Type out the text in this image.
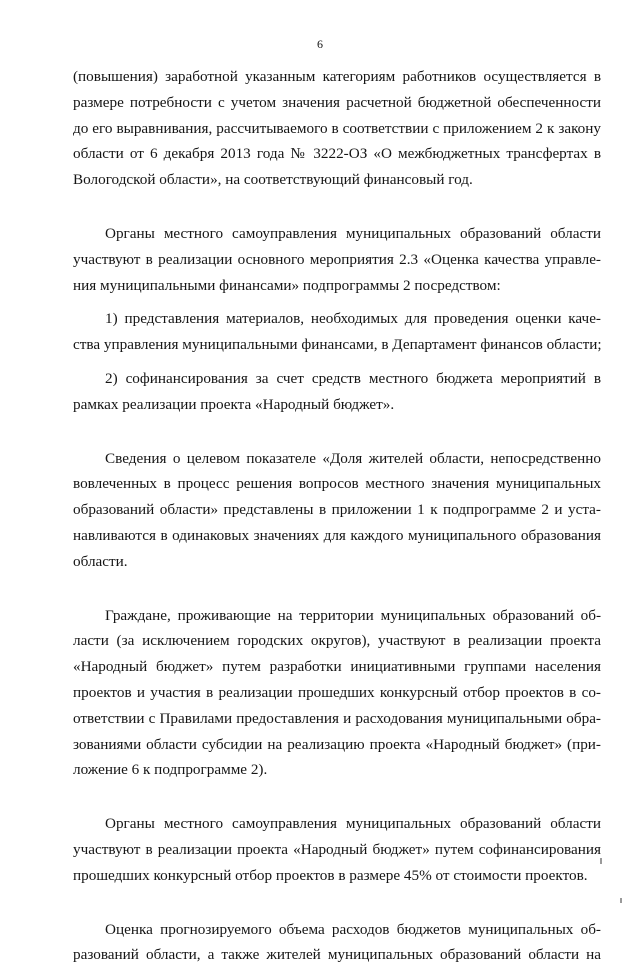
6
(повышения) заработной указанным категориям работников осуществляется в
размере потребности с учетом значения расчетной бюджетной обеспеченности
до его выравнивания, рассчитываемого в соответствии с приложением 2 к закону
области от 6 декабря 2013 года № 3222-ОЗ «О межбюджетных трансфертах в
Вологодской области», на соответствующий финансовый год.
Органы местного самоуправления муниципальных образований области
участвуют в реализации основного мероприятия 2.3 «Оценка качества управле-
ния муниципальными финансами» подпрограммы 2 посредством:
1) представления материалов, необходимых для проведения оценки каче-
ства управления муниципальными финансами, в Департамент финансов области;
2) софинансирования за счет средств местного бюджета мероприятий в
рамках реализации проекта «Народный бюджет».
Сведения о целевом показателе «Доля жителей области, непосредственно
вовлеченных в процесс решения вопросов местного значения муниципальных
образований области» представлены в приложении 1 к подпрограмме 2 и уста-
навливаются в одинаковых значениях для каждого муниципального образования
области.
Граждане, проживающие на территории муниципальных образований об-
ласти (за исключением городских округов), участвуют в реализации проекта
«Народный бюджет» путем разработки инициативными группами населения
проектов и участия в реализации прошедших конкурсный отбор проектов в со-
ответствии с Правилами предоставления и расходования муниципальными обра-
зованиями области субсидии на реализацию проекта «Народный бюджет» (при-
ложение 6 к подпрограмме 2).
Органы местного самоуправления муниципальных образований области
участвуют в реализации проекта «Народный бюджет» путем софинансирования
прошедших конкурсный отбор проектов в размере 45% от стоимости проектов.
Оценка прогнозируемого объема расходов бюджетов муниципальных об-
разований области, а также жителей муниципальных образований области на
